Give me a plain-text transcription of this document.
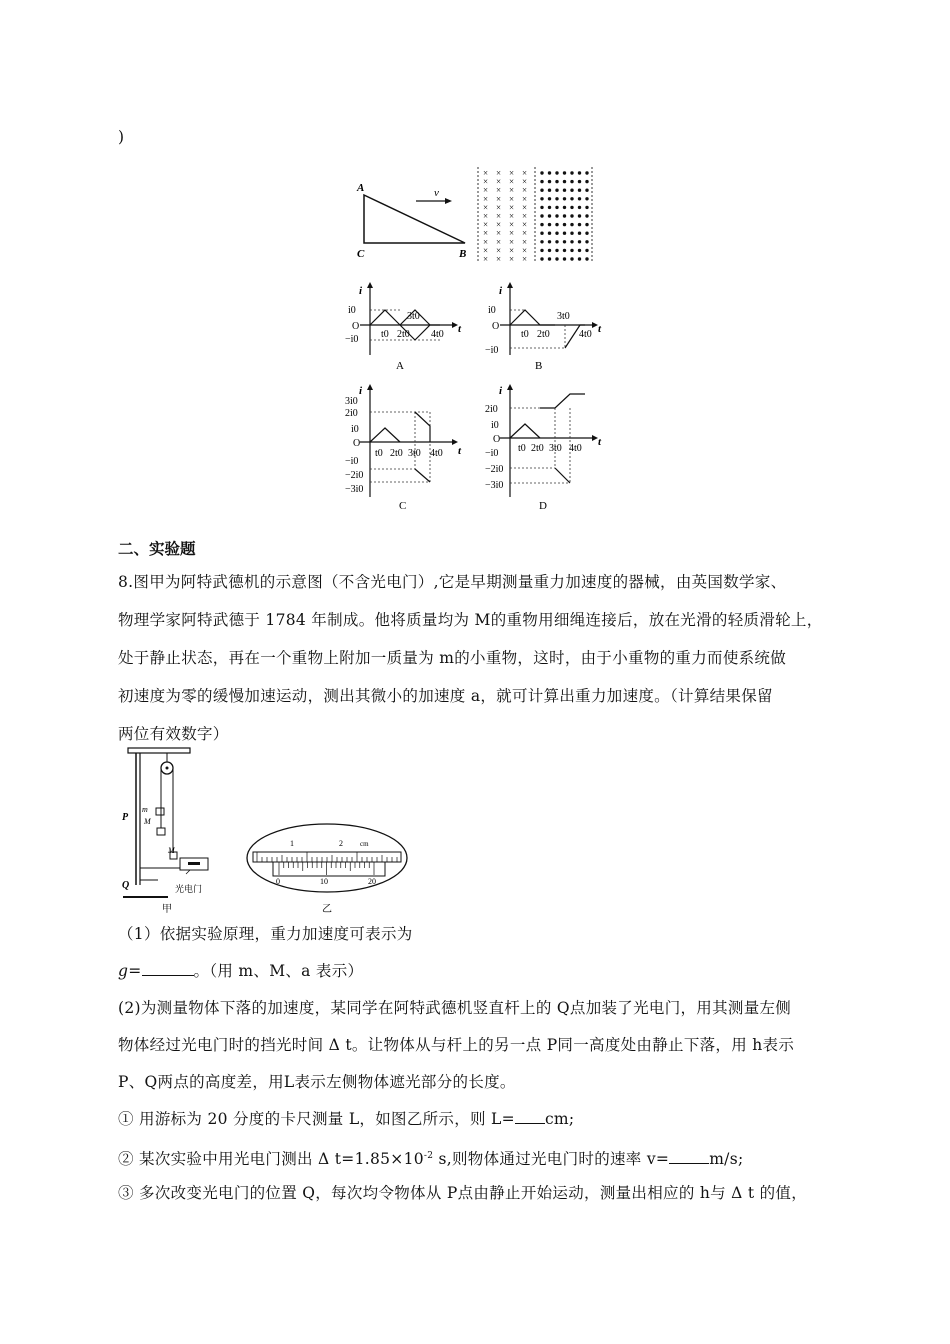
)
v
A
C	B
× × × ×
× × × ×
× × × ×
× × × ×
× × × ×
× × × ×
× × × ×
× × × ×
× × × ×
× × × ×
× × × ×
i
t
i0
O
−i0 t0 2t0
3t0
4t0
A
i
t
i0
O
−i0
t0 2t0
3t0
4t0
B
i
t
3i0
2i0
i0
O
−i0
−2i0
−3i0
t0 2t0 3t0 4t0
C
i
t
2i0
i0
O
−i0
−2i0
−3i0
t0 2t0 3t0 4t0
D
二、实验题
8.图甲为阿特武德机的示意图（不含光电门）,它是早期测量重力加速度的器械，由英国数学家、
物理学家阿特武德于 1784 年制成。他将质量均为 M的重物用细绳连接后，放在光滑的轻质滑轮上，
处于静止状态，再在一个重物上附加一质量为 m的小重物，这时，由于小重物的重力而使系统做
初速度为零的缓慢加速运动，测出其微小的加速度 a，就可计算出重力加速度。（计算结果保留
两位有效数字）
P
m
M
M
Q	光电门
甲
1	2 cm
0	10	20
乙
（1）依据实验原理，重力加速度可表示为
g=	。（用 m、M、a 表示）
(2)为测量物体下落的加速度，某同学在阿特武德机竖直杆上的 Q点加装了光电门，用其测量左侧
物体经过光电门时的挡光时间 Δ t。让物体从与杆上的另一点 P同一高度处由静止下落，用 h表示
P、Q两点的高度差，用L表示左侧物体遮光部分的长度。
① 用游标为 20 分度的卡尺测量 L，如图乙所示，则 L= cm;
② 某次实验中用光电门测出 Δ $t=1.85\times 10^{-2}$ s,则物体通过光电门时的速率 v=	m/s;
③ 多次改变光电门的位置 Q，每次均令物体从 P点由静止开始运动，测量出相应的 h与 Δ t 的值，
